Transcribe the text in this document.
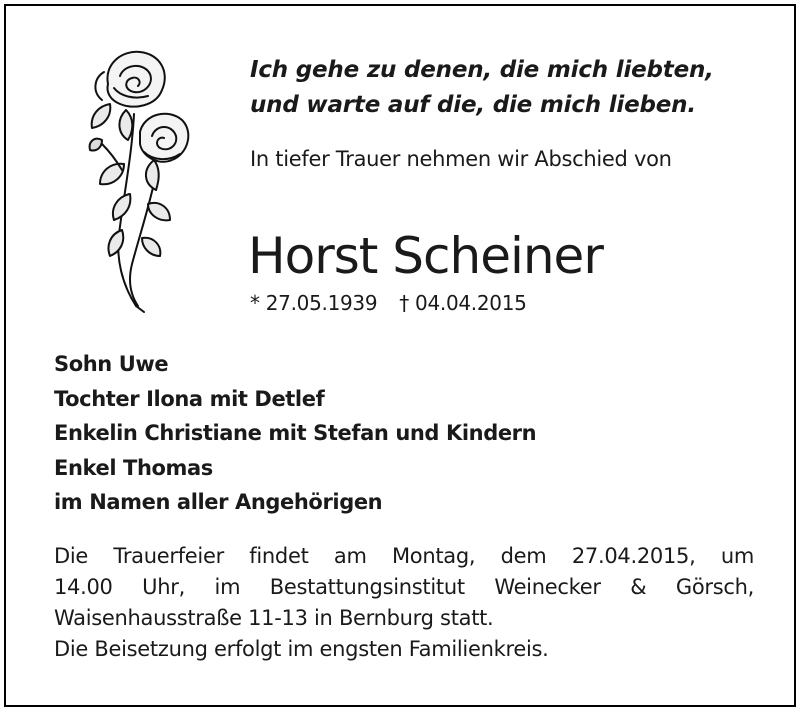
Ich gehe zu denen, die mich liebten,
und warte auf die, die mich lieben.
In tiefer Trauer nehmen wir Abschied von
Horst Scheiner
* 27.05.1939 † 04.04.2015
Sohn Uwe
Tochter Ilona mit Detlef
Enkelin Christiane mit Stefan und Kindern
Enkel Thomas
im Namen aller Angehörigen
Die Trauerfeier findet am Montag, dem 27.04.2015, um
14.00 Uhr, im Bestattungsinstitut Weinecker & Görsch,
Waisenhausstraße 11-13 in Bernburg statt.
Die Beisetzung erfolgt im engsten Familienkreis.
